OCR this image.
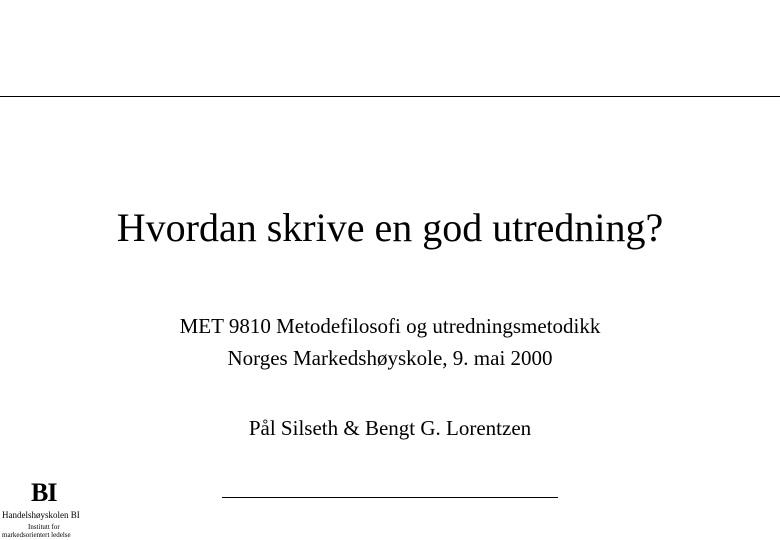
Hvordan skrive en god utredning?
MET 9810 Metodefilosofi og utredningsmetodikk
Norges Markedshøyskole, 9. mai 2000
Pål Silseth & Bengt G. Lorentzen
BI
Handelshøyskolen BI
Institutt for
markedsorientert ledelse
